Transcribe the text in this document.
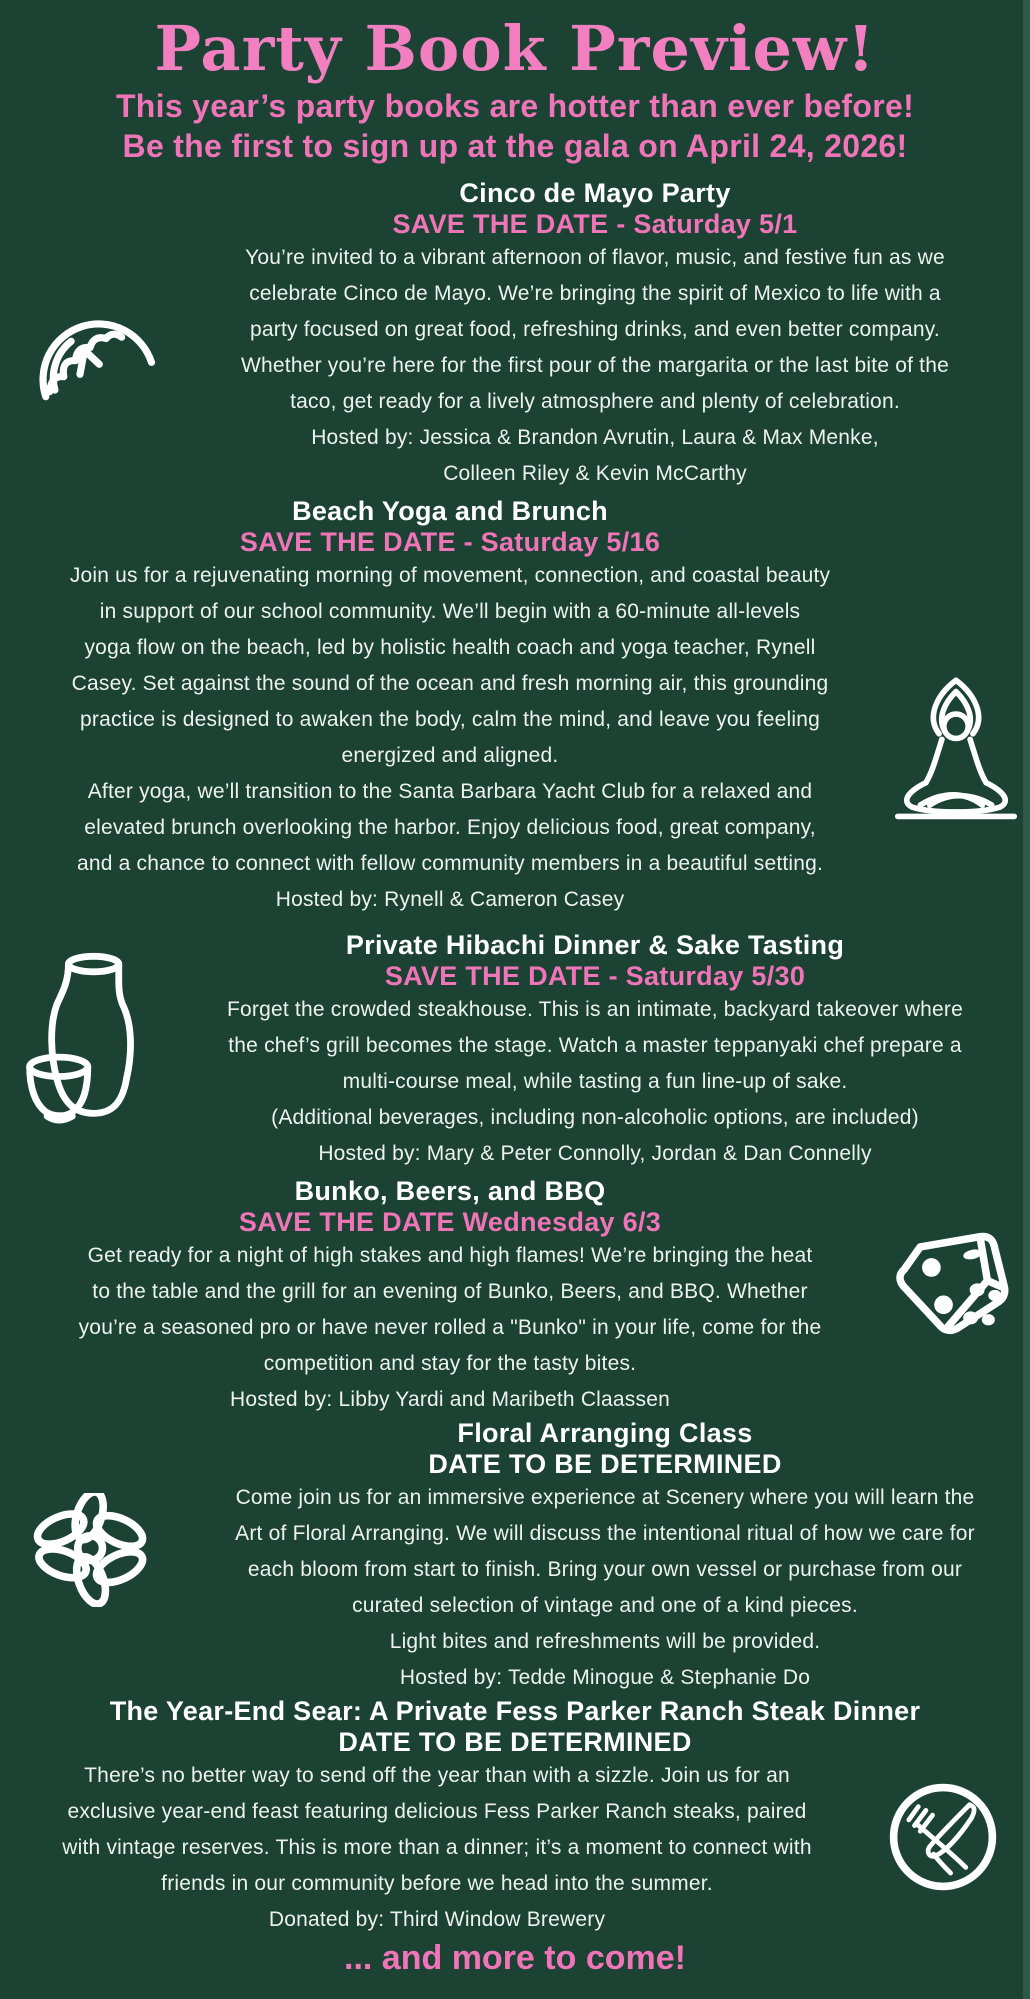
Party Book Preview!
This year’s party books are hotter than ever before!
Be the first to sign up at the gala on April 24, 2026!
Cinco de Mayo Party
SAVE THE DATE - Saturday 5/1
You’re invited to a vibrant afternoon of flavor, music, and festive fun as we
celebrate Cinco de Mayo. We’re bringing the spirit of Mexico to life with a
party focused on great food, refreshing drinks, and even better company.
Whether you’re here for the first pour of the margarita or the last bite of the
taco, get ready for a lively atmosphere and plenty of celebration.
Hosted by: Jessica & Brandon Avrutin, Laura & Max Menke,
Colleen Riley & Kevin McCarthy
Beach Yoga and Brunch
SAVE THE DATE - Saturday 5/16
Join us for a rejuvenating morning of movement, connection, and coastal beauty
in support of our school community. We’ll begin with a 60-minute all-levels
yoga flow on the beach, led by holistic health coach and yoga teacher, Rynell
Casey. Set against the sound of the ocean and fresh morning air, this grounding
practice is designed to awaken the body, calm the mind, and leave you feeling
energized and aligned.
After yoga, we’ll transition to the Santa Barbara Yacht Club for a relaxed and
elevated brunch overlooking the harbor. Enjoy delicious food, great company,
and a chance to connect with fellow community members in a beautiful setting.
Hosted by: Rynell & Cameron Casey
Private Hibachi Dinner & Sake Tasting
SAVE THE DATE - Saturday 5/30
Forget the crowded steakhouse. This is an intimate, backyard takeover where
the chef’s grill becomes the stage. Watch a master teppanyaki chef prepare a
multi-course meal, while tasting a fun line-up of sake.
(Additional beverages, including non-alcoholic options, are included)
Hosted by: Mary & Peter Connolly, Jordan & Dan Connelly
Bunko, Beers, and BBQ
SAVE THE DATE Wednesday 6/3
Get ready for a night of high stakes and high flames! We’re bringing the heat
to the table and the grill for an evening of Bunko, Beers, and BBQ. Whether
you’re a seasoned pro or have never rolled a "Bunko" in your life, come for the
competition and stay for the tasty bites.
Hosted by: Libby Yardi and Maribeth Claassen
Floral Arranging Class
DATE TO BE DETERMINED
Come join us for an immersive experience at Scenery where you will learn the
Art of Floral Arranging. We will discuss the intentional ritual of how we care for
each bloom from start to finish. Bring your own vessel or purchase from our
curated selection of vintage and one of a kind pieces.
Light bites and refreshments will be provided.
Hosted by: Tedde Minogue & Stephanie Do
The Year-End Sear: A Private Fess Parker Ranch Steak Dinner
DATE TO BE DETERMINED
There’s no better way to send off the year than with a sizzle. Join us for an
exclusive year-end feast featuring delicious Fess Parker Ranch steaks, paired
with vintage reserves. This is more than a dinner; it’s a moment to connect with
friends in our community before we head into the summer.
Donated by: Third Window Brewery
... and more to come!
